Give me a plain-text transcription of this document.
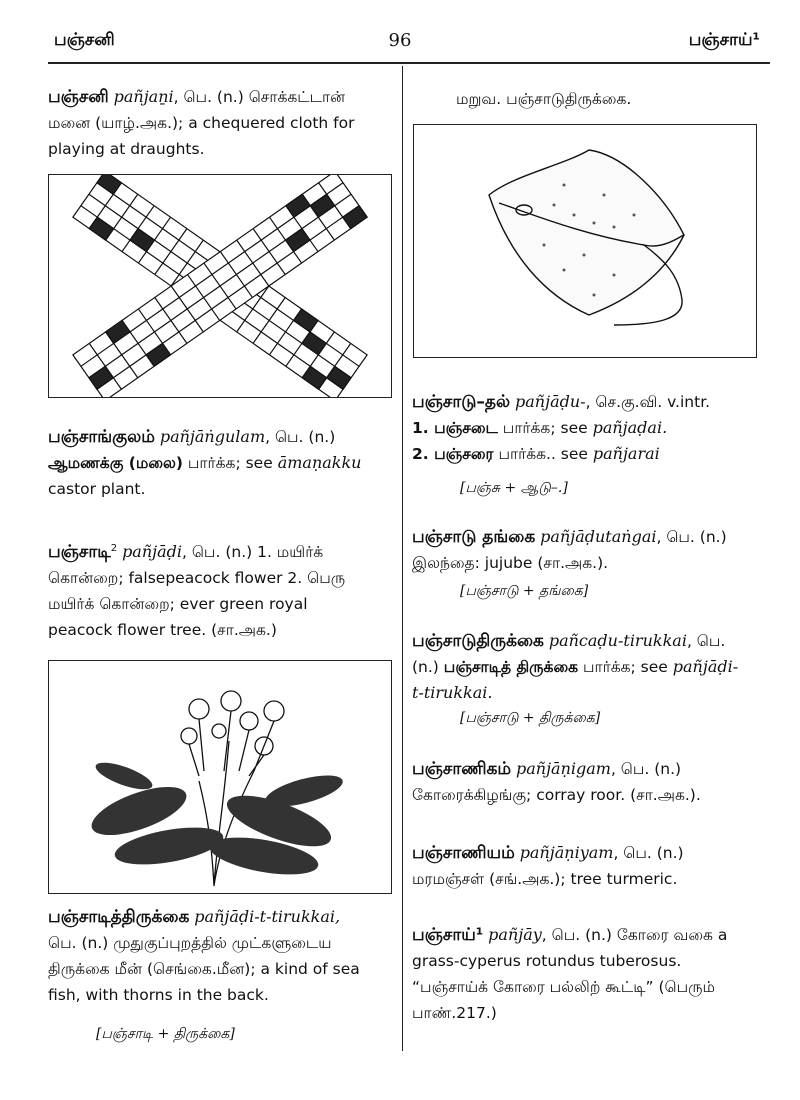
பஞ்சனி	96	பஞ்சாய்¹
பஞ்சனி pañjaṉi, பெ. (n.) சொக்கட்டான்
மனை (யாழ்.அக.); a chequered cloth for
playing at draughts.
பஞ்சாங்குலம் pañjāṅgulam, பெ. (n.)
ஆமணக்கு (மலை) பார்க்க; see āmaṇakku
castor plant.
பஞ்சாடி$^2$ pañjāḍi, பெ. (n.) 1. மயிர்க்
கொன்றை; falsepeacock flower 2. பெரு
மயிர்க் கொன்றை; ever green royal
peacock flower tree. (சா.அக.)
பஞ்சாடித்திருக்கை pañjāḍi-t-tirukkai,
பெ. (n.) முதுகுப்புறத்தில் முட்களுடைய
திருக்கை மீன் (செங்கை.மீன); a kind of sea
fish, with thorns in the back.
[பஞ்சாடி + திருக்கை]
மறுவ. பஞ்சாடுதிருக்கை.
பஞ்சாடு–தல் pañjāḍu-, செ.கு.வி. v.intr.
1. பஞ்சடை பார்க்க; see pañjaḍai.
2. பஞ்சரை பார்க்க.. see pañjarai
[பஞ்சு + ஆடு–.]
பஞ்சாடு தங்கை pañjāḍutaṅgai, பெ. (n.)
இலந்தை: jujube (சா.அக.).
[பஞ்சாடு + தங்கை]
பஞ்சாடுதிருக்கை pañcaḍu-tirukkai, பெ.
(n.) பஞ்சாடித் திருக்கை பார்க்க; see pañjāḍi-
t-tirukkai.
[பஞ்சாடு + திருக்கை]
பஞ்சாணிகம் pañjāṇigam, பெ. (n.)
கோரைக்கிழங்கு; corray roor. (சா.அக.).
பஞ்சாணியம் pañjāṇiyam, பெ. (n.)
மரமஞ்சள் (சங்.அக.); tree turmeric.
பஞ்சாய்¹ pañjāy, பெ. (n.) கோரை வகை a
grass-cyperus rotundus tuberosus.
“பஞ்சாய்க் கோரை பல்லிற் கூட்டி” (பெரும்
பாண்.217.)
